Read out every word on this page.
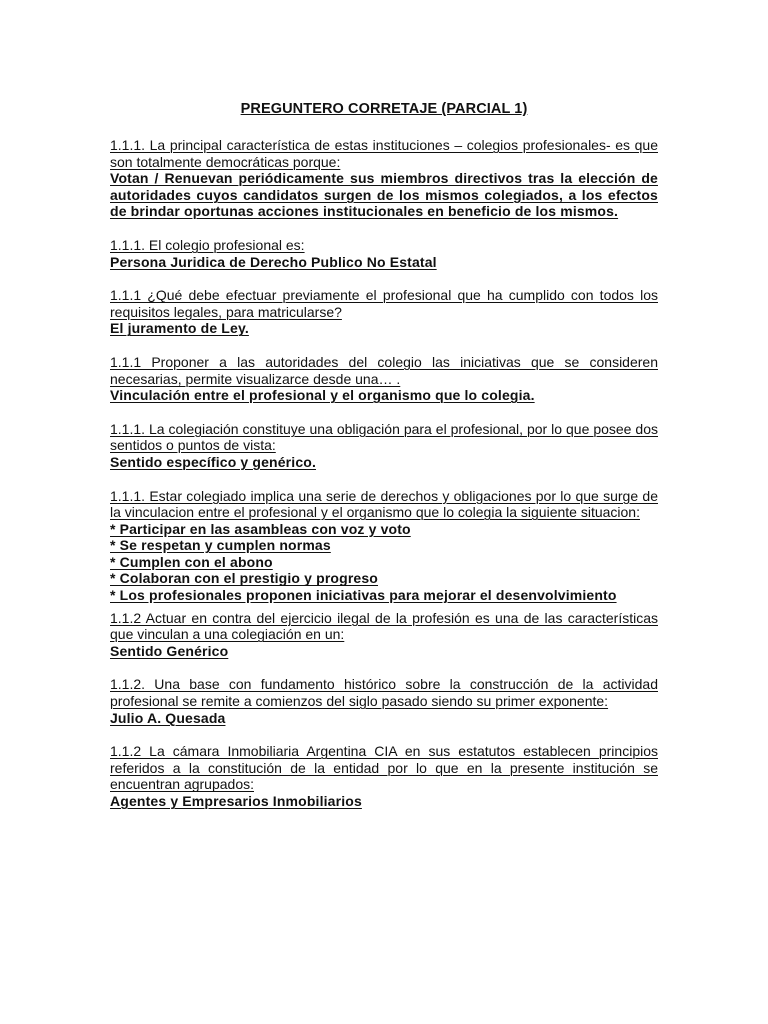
PREGUNTERO CORRETAJE (PARCIAL 1)

1.1.1. La principal característica de estas instituciones – colegios profesionales- es que son totalmente democráticas porque:

Votan / Renuevan periódicamente sus miembros directivos tras la elección de autoridades cuyos candidatos surgen de los mismos colegiados, a los efectos de brindar oportunas acciones institucionales en beneficio de los mismos.

1.1.1. El colegio profesional es:

Persona Juridica de Derecho Publico No Estatal

1.1.1 ¿Qué debe efectuar previamente el profesional que ha cumplido con todos los requisitos legales, para matricularse?

El juramento de Ley.

1.1.1 Proponer a las autoridades del colegio las iniciativas que se consideren necesarias, permite visualizarce desde una… .

Vinculación entre el profesional y el organismo que lo colegia.

1.1.1. La colegiación constituye una obligación para el profesional, por lo que posee dos sentidos o puntos de vista:

Sentido específico y genérico.

1.1.1. Estar colegiado implica una serie de derechos y obligaciones por lo que surge de la vinculacion entre el profesional y el organismo que lo colegia la siguiente situacion:

* Participar en las asambleas con voz y voto

* Se respetan y cumplen normas

* Cumplen con el abono

* Colaboran con el prestigio y progreso

* Los profesionales proponen iniciativas para mejorar el desenvolvimiento

1.1.2 Actuar en contra del ejercicio ilegal de la profesión es una de las características que vinculan a una colegiación en un:

Sentido Genérico

1.1.2. Una base con fundamento histórico sobre la construcción de la actividad profesional se remite a comienzos del siglo pasado siendo su primer exponente:

Julio A. Quesada

1.1.2 La cámara Inmobiliaria Argentina CIA en sus estatutos establecen principios referidos a la constitución de la entidad por lo que en la presente institución se encuentran agrupados:

Agentes y Empresarios Inmobiliarios
